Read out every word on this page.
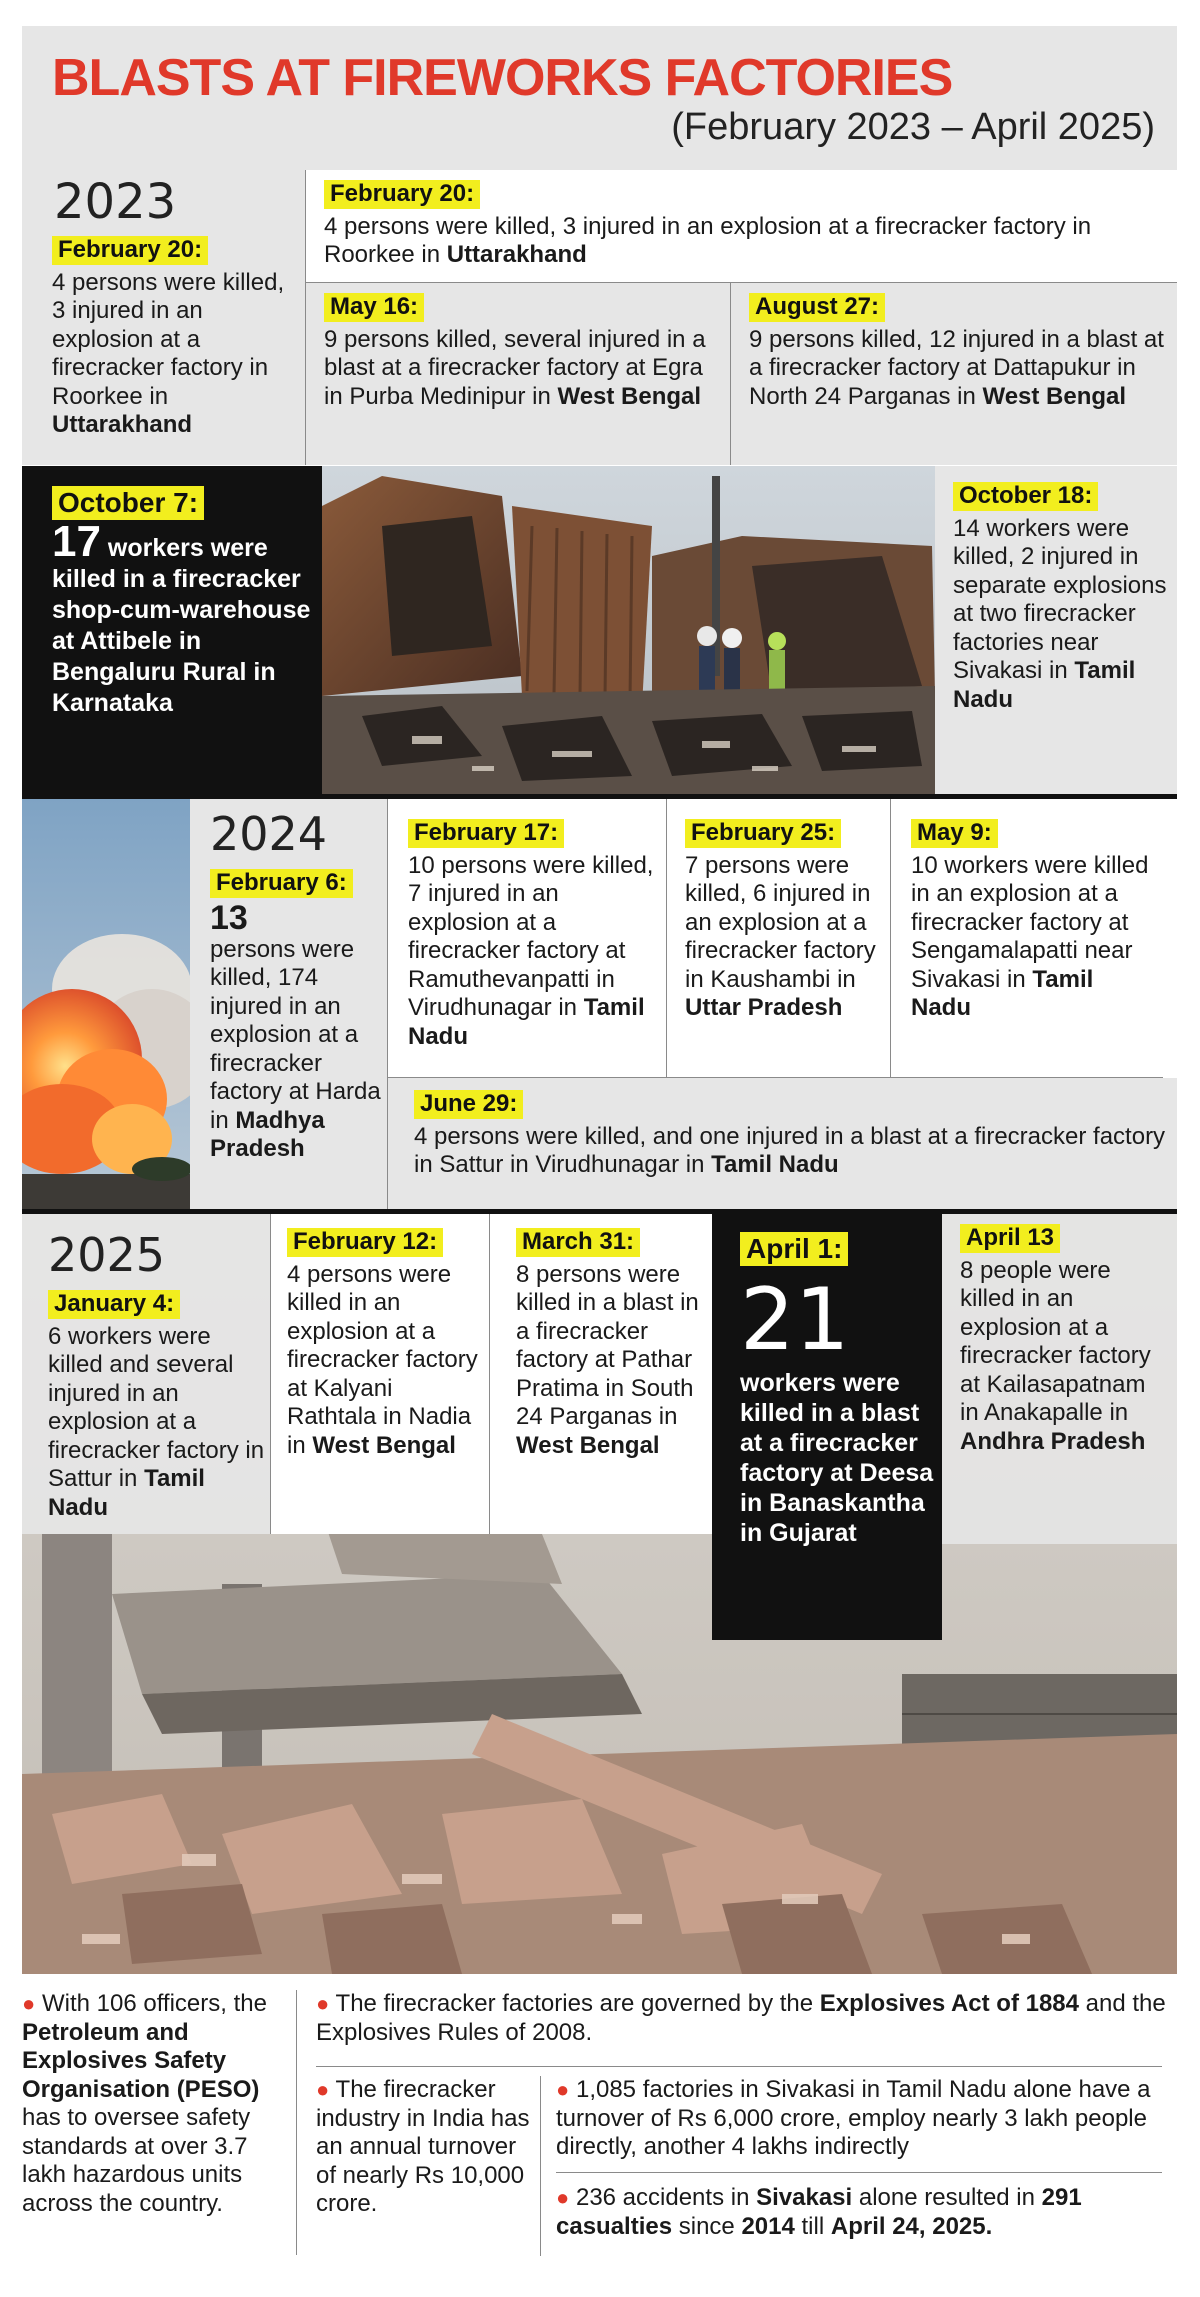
BLASTS AT FIREWORKS FACTORIES
(February 2023 – April 2025)
2023
February 20:
4 persons were killed, 3 injured in an explosion at a firecracker factory in Roorkee in Uttarakhand
February 20:
4 persons were killed, 3 injured in an explosion at a firecracker factory in Roorkee in Uttarakhand
May 16:
9 persons killed, several injured in a blast at a firecracker factory at Egra in Purba Medinipur in West Bengal
August 27:
9 persons killed, 12 injured in a blast at a firecracker factory at Dattapukur in North 24 Parganas in West Bengal
October 7:
17 workers were killed in a firecracker shop-cum-warehouse at Attibele in Bengaluru Rural in Karnataka
October 18:
14 workers were killed, 2 injured in separate explosions at two firecracker factories near Sivakasi in Tamil Nadu
2024
February 6:
13
persons were killed, 174 injured in an explosion at a firecracker factory at Harda in Madhya Pradesh
February 17:
10 persons were killed, 7 injured in an explosion at a firecracker factory at Ramuthevanpatti in Virudhunagar in Tamil Nadu
February 25:
7 persons were killed, 6 injured in an explosion at a firecracker factory in Kaushambi in Uttar Pradesh
May 9:
10 workers were killed in an explosion at a firecracker factory at Sengamalapatti near Sivakasi in Tamil Nadu
June 29:
4 persons were killed, and one injured in a blast at a firecracker factory in Sattur in Virudhunagar in Tamil Nadu
2025
January 4:
6 workers were killed and several injured in an explosion at a firecracker factory in Sattur in Tamil Nadu
February 12:
4 persons were killed in an explosion at a firecracker factory at Kalyani Rathtala in Nadia in West Bengal
March 31:
8 persons were killed in a blast in a firecracker factory at Pathar Pratima in South 24 Parganas in West Bengal
April 1:
21
workers were killed in a blast at a firecracker factory at Deesa in Banaskantha in Gujarat
April 13
8 people were killed in an explosion at a firecracker factory at Kailasapatnam in Anakapalle in Andhra Pradesh
● With 106 officers, the Petroleum and Explosives Safety Organisation (PESO) has to oversee safety standards at over 3.7 lakh hazardous units across the country.
● The firecracker factories are governed by the Explosives Act of 1884 and the Explosives Rules of 2008.
● The firecracker industry in India has an annual turnover of nearly Rs 10,000 crore.
● 1,085 factories in Sivakasi in Tamil Nadu alone have a turnover of Rs 6,000 crore, employ nearly 3 lakh people directly, another 4 lakhs indirectly
● 236 accidents in Sivakasi alone resulted in 291 casualties since 2014 till April 24, 2025.
